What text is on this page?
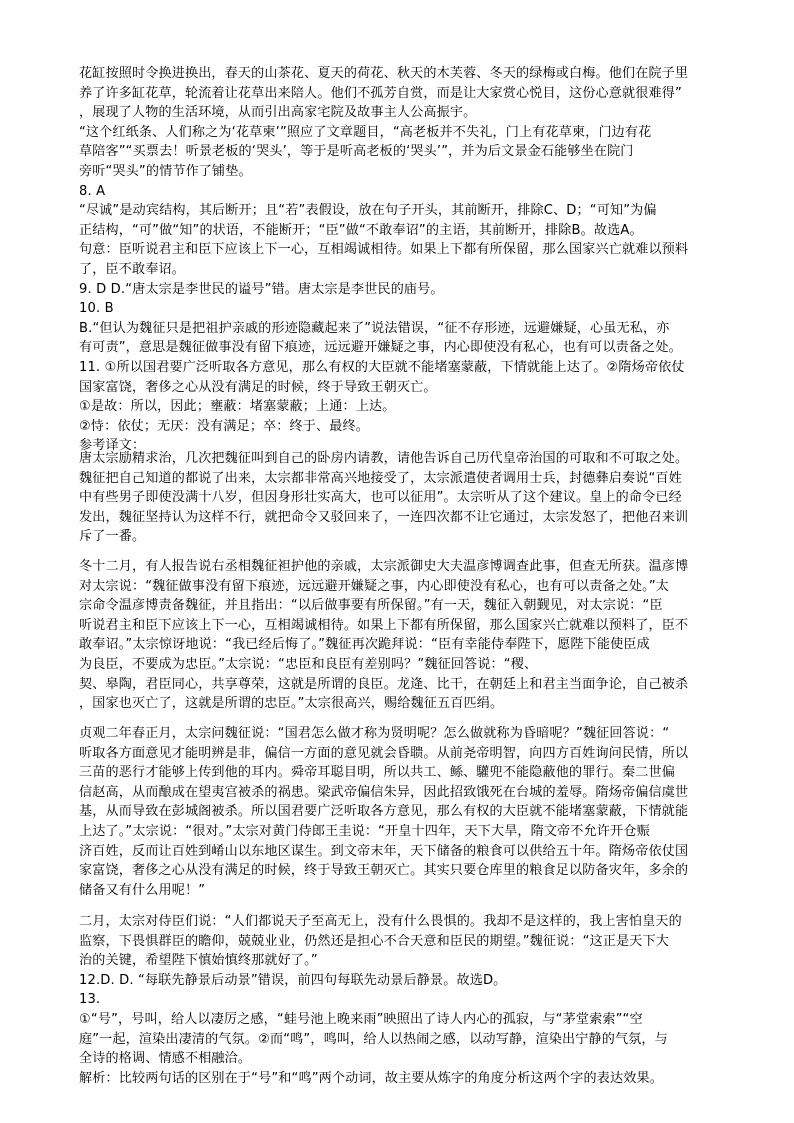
花缸按照时令换进换出，春天的山茶花、夏天的荷花、秋天的木芙蓉、冬天的绿梅或白梅。他们在院子里
养了许多缸花草，轮流着让花草出来陪人。他们不孤芳自赏，而是让大家赏心悦目，这份心意就很难得”
，展现了人物的生活环境，从而引出高家宅院及故事主人公高振宇。
“这个红纸条、人们称之为‘花草柬’”照应了文章题目，“高老板并不失礼，门上有花草柬，门边有花
草陪客”“买票去！听景老板的‘哭头’，等于是听高老板的‘哭头’”，并为后文景金石能够坐在院门
旁听“哭头”的情节作了铺垫。
8. A
“尽诚”是动宾结构，其后断开；且“若”表假设，放在句子开头，其前断开，排除C、D；“可知”为偏
正结构，“可”做“知”的状语，不能断开；“臣”做“不敢奉诏”的主语，其前断开，排除B。故选A。
句意：臣听说君主和臣下应该上下一心，互相竭诚相待。如果上下都有所保留，那么国家兴亡就难以预料
了，臣不敢奉诏。
9. D D.“唐太宗是李世民的谥号”错。唐太宗是李世民的庙号。
10. B
B.“但认为魏征只是把祖护亲戚的形迹隐藏起来了”说法错误，“征不存形迹，远避嫌疑，心虽无私，亦
有可责”，意思是魏征做事没有留下痕迹，远远避开嫌疑之事，内心即使没有私心，也有可以责备之处。
11. ①所以国君要广泛听取各方意见，那么有权的大臣就不能堵塞蒙蔽，下情就能上达了。②隋炀帝依仗
国家富饶，奢侈之心从没有满足的时候，终于导致王朝灭亡。
①是故：所以，因此；壅蔽：堵塞蒙蔽；上通：上达。
②恃：依仗；无厌：没有满足；卒：终于、最终。
参考译文：
唐太宗励精求治，几次把魏征叫到自己的卧房内请教，请他告诉自己历代皇帝治国的可取和不可取之处。
魏征把自己知道的都说了出来，太宗都非常高兴地接受了，太宗派遣使者调用士兵，封德彝启奏说“百姓
中有些男子即使没满十八岁，但因身形壮实高大，也可以征用”。太宗听从了这个建议。皇上的命令已经
发出，魏征坚持认为这样不行，就把命令又驳回来了，一连四次都不让它通过，太宗发怒了，把他召来训
斥了一番。
冬十二月，有人报告说右丞相魏征袒护他的亲戚，太宗派御史大夫温彦博调查此事，但查无所获。温彦博
对太宗说：“魏征做事没有留下痕迹，远远避开嫌疑之事，内心即使没有私心，也有可以责备之处。”太
宗命令温彦博责备魏征，并且指出：“以后做事要有所保留。”有一天，魏征入朝觐见，对太宗说：“臣
听说君主和臣下应该上下一心，互相竭诚相待。如果上下都有所保留，那么国家兴亡就难以预料了，臣不
敢奉诏。”太宗惊讶地说：“我已经后悔了。”魏征再次跪拜说：“臣有幸能侍奉陛下，愿陛下能使臣成
为良臣，不要成为忠臣。”太宗说：“忠臣和良臣有差别吗？”魏征回答说：“稷、
契、皋陶，君臣同心，共享尊荣，这就是所谓的良臣。龙逄、比干，在朝廷上和君主当面争论，自己被杀
，国家也灭亡了，这就是所谓的忠臣。”太宗很高兴，赐给魏征五百匹绢。
贞观二年春正月，太宗问魏征说：“国君怎么做才称为贤明呢？怎么做就称为昏暗呢？”魏征回答说：“
听取各方面意见才能明辨是非，偏信一方面的意见就会昏聩。从前尧帝明智，向四方百姓询问民情，所以
三苗的恶行才能够上传到他的耳内。舜帝耳聪目明，所以共工、鲧、驩兜不能隐蔽他的罪行。秦二世偏
信赵高，从而酿成在望夷宫被杀的祸患。梁武帝偏信朱异，因此招致饿死在台城的羞辱。隋炀帝偏信虞世
基，从而导致在彭城阁被杀。所以国君要广泛听取各方意见，那么有权的大臣就不能堵塞蒙蔽，下情就能
上达了。”太宗说：“很对。”太宗对黄门侍郎王圭说：“开皇十四年，天下大旱，隋文帝不允许开仓赈
济百姓，反而让百姓到崤山以东地区谋生。到文帝末年，天下储备的粮食可以供给五十年。隋炀帝依仗国
家富饶，奢侈之心从没有满足的时候，终于导致王朝灭亡。其实只要仓库里的粮食足以防备灾年，多余的
储备又有什么用呢！”
二月，太宗对侍臣们说：“人们都说天子至高无上，没有什么畏惧的。我却不是这样的，我上害怕皇天的
监察，下畏惧群臣的瞻仰，兢兢业业，仍然还是担心不合天意和臣民的期望。”魏征说：“这正是天下大
治的关键，希望陛下慎始慎终那就好了。”
12.D. D. “每联先静景后动景”错误，前四句每联先动景后静景。故选D。
13.
①“号”，号叫，给人以凄厉之感，“蛙号池上晚来雨”映照出了诗人内心的孤寂，与“茅堂索索”“空
庭”一起，渲染出凄清的气氛。②而“鸣”，鸣叫，给人以热闹之感，以动写静，渲染出宁静的气氛，与
全诗的格调、情感不相融洽。
解析：比较两句话的区别在于“号”和“鸣”两个动词，故主要从炼字的角度分析这两个字的表达效果。
